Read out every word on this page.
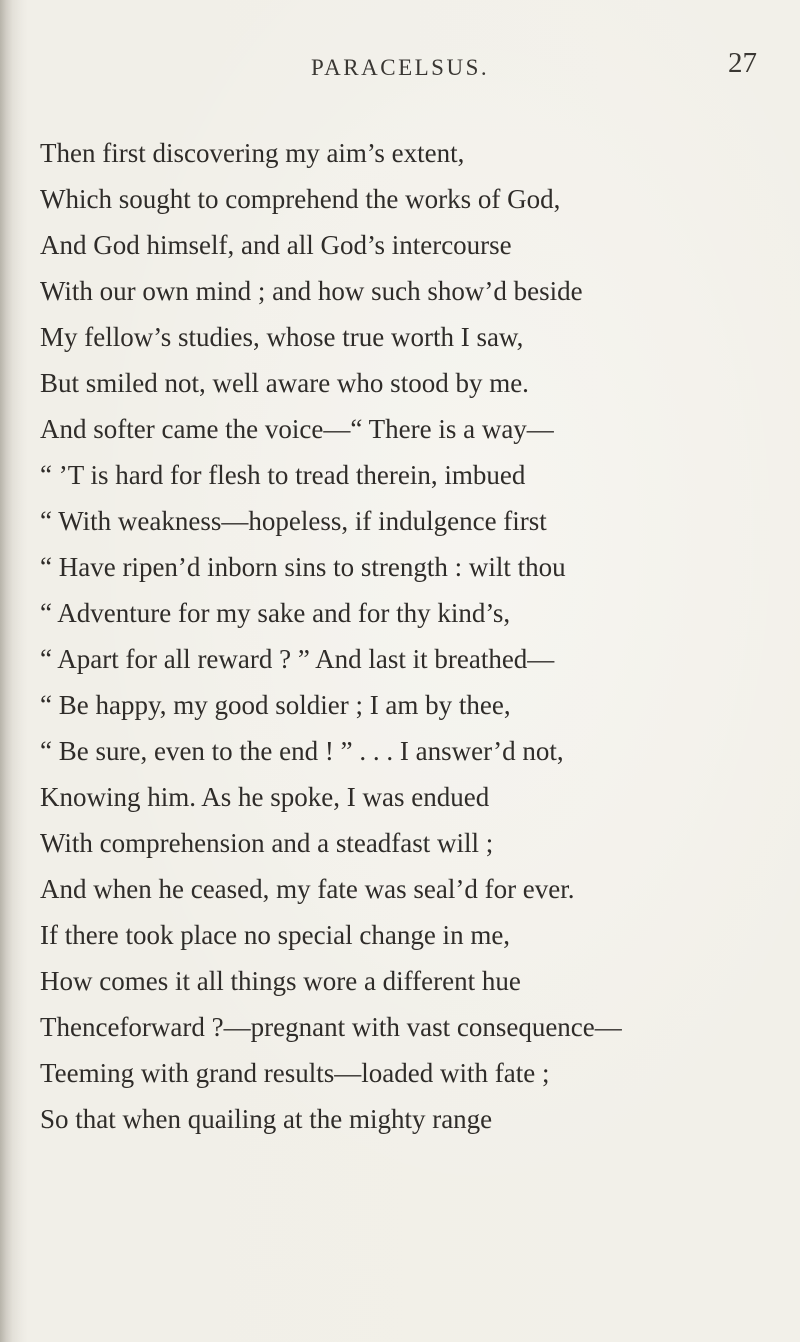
PARACELSUS.	27
Then first discovering my aim’s extent,
Which sought to comprehend the works of God,
And God himself, and all God’s intercourse
With our own mind ; and how such show’d beside
My fellow’s studies, whose true worth I saw,
But smiled not, well aware who stood by me.
And softer came the voice—“ There is a way—
“ ’T is hard for flesh to tread therein, imbued
“ With weakness—hopeless, if indulgence first
“ Have ripen’d inborn sins to strength : wilt thou
“ Adventure for my sake and for thy kind’s,
“ Apart for all reward ? ” And last it breathed—
“ Be happy, my good soldier ; I am by thee,
“ Be sure, even to the end ! ” . . . I answer’d not,
Knowing him. As he spoke, I was endued
With comprehension and a steadfast will ;
And when he ceased, my fate was seal’d for ever.
If there took place no special change in me,
How comes it all things wore a different hue
Thenceforward ?—pregnant with vast consequence—
Teeming with grand results—loaded with fate ;
So that when quailing at the mighty range
